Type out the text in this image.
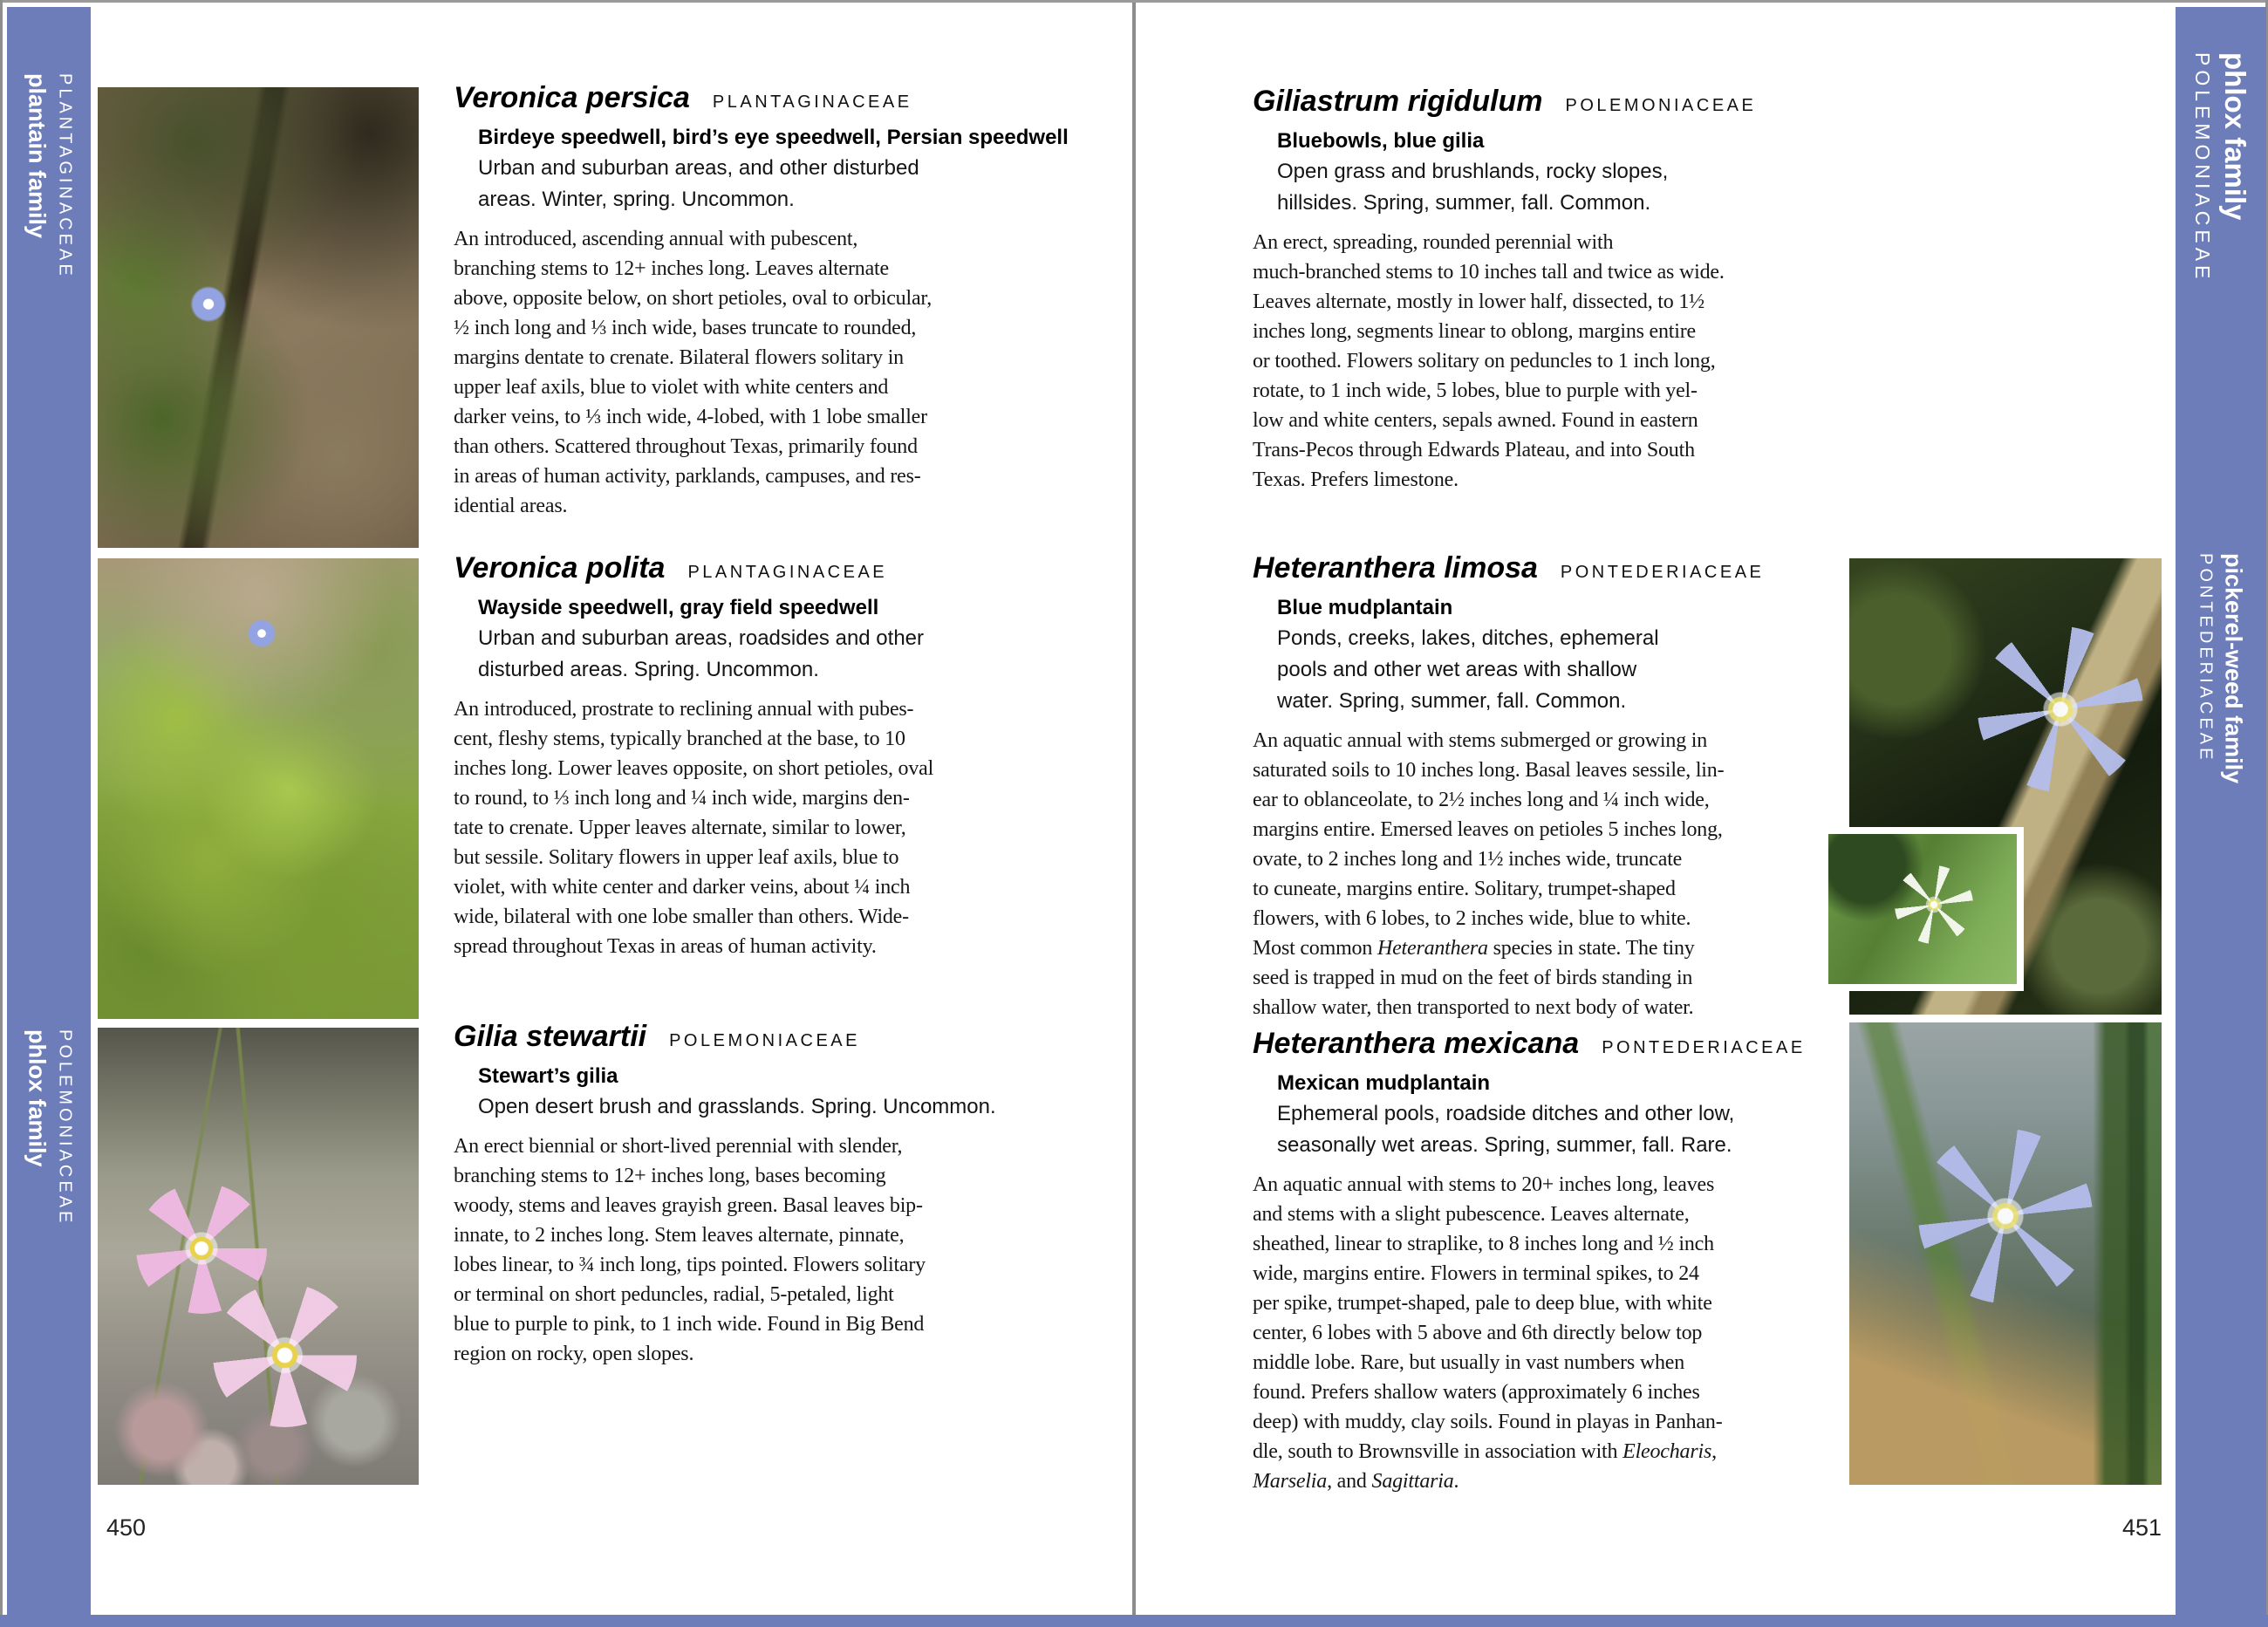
PLANTAGINACEAE
plantain family
POLEMONIACEAE
phlox family
phlox family
POLEMONIACEAE
pickerel-weed family
PONTEDERIACEAE
Veronica persica PLANTAGINACEAE
Birdeye speedwell, bird’s eye speedwell, Persian speedwell
Urban and suburban areas, and other disturbed
areas. Winter, spring. Uncommon.
An introduced, ascending annual with pubescent,
branching stems to 12+ inches long. Leaves alternate
above, opposite below, on short petioles, oval to orbicular,
½ inch long and ⅓ inch wide, bases truncate to rounded,
margins dentate to crenate. Bilateral flowers solitary in
upper leaf axils, blue to violet with white centers and
darker veins, to ⅓ inch wide, 4-lobed, with 1 lobe smaller
than others. Scattered throughout Texas, primarily found
in areas of human activity, parklands, campuses, and res-
idential areas.
Veronica polita PLANTAGINACEAE
Wayside speedwell, gray field speedwell
Urban and suburban areas, roadsides and other
disturbed areas. Spring. Uncommon.
An introduced, prostrate to reclining annual with pubes-
cent, fleshy stems, typically branched at the base, to 10
inches long. Lower leaves opposite, on short petioles, oval
to round, to ⅓ inch long and ¼ inch wide, margins den-
tate to crenate. Upper leaves alternate, similar to lower,
but sessile. Solitary flowers in upper leaf axils, blue to
violet, with white center and darker veins, about ¼ inch
wide, bilateral with one lobe smaller than others. Wide-
spread throughout Texas in areas of human activity.
Gilia stewartii POLEMONIACEAE
Stewart’s gilia
Open desert brush and grasslands. Spring. Uncommon.
An erect biennial or short-lived perennial with slender,
branching stems to 12+ inches long, bases becoming
woody, stems and leaves grayish green. Basal leaves bip-
innate, to 2 inches long. Stem leaves alternate, pinnate,
lobes linear, to ¾ inch long, tips pointed. Flowers solitary
or terminal on short peduncles, radial, 5-petaled, light
blue to purple to pink, to 1 inch wide. Found in Big Bend
region on rocky, open slopes.
Giliastrum rigidulum POLEMONIACEAE
Bluebowls, blue gilia
Open grass and brushlands, rocky slopes,
hillsides. Spring, summer, fall. Common.
An erect, spreading, rounded perennial with
much-branched stems to 10 inches tall and twice as wide.
Leaves alternate, mostly in lower half, dissected, to 1½
inches long, segments linear to oblong, margins entire
or toothed. Flowers solitary on peduncles to 1 inch long,
rotate, to 1 inch wide, 5 lobes, blue to purple with yel-
low and white centers, sepals awned. Found in eastern
Trans-Pecos through Edwards Plateau, and into South
Texas. Prefers limestone.
Heteranthera limosa PONTEDERIACEAE
Blue mudplantain
Ponds, creeks, lakes, ditches, ephemeral
pools and other wet areas with shallow
water. Spring, summer, fall. Common.
An aquatic annual with stems submerged or growing in
saturated soils to 10 inches long. Basal leaves sessile, lin-
ear to oblanceolate, to 2½ inches long and ¼ inch wide,
margins entire. Emersed leaves on petioles 5 inches long,
ovate, to 2 inches long and 1½ inches wide, truncate
to cuneate, margins entire. Solitary, trumpet-shaped
flowers, with 6 lobes, to 2 inches wide, blue to white.
Most common Heteranthera species in state. The tiny
seed is trapped in mud on the feet of birds standing in
shallow water, then transported to next body of water.
Heteranthera mexicana PONTEDERIACEAE
Mexican mudplantain
Ephemeral pools, roadside ditches and other low,
seasonally wet areas. Spring, summer, fall. Rare.
An aquatic annual with stems to 20+ inches long, leaves
and stems with a slight pubescence. Leaves alternate,
sheathed, linear to straplike, to 8 inches long and ½ inch
wide, margins entire. Flowers in terminal spikes, to 24
per spike, trumpet-shaped, pale to deep blue, with white
center, 6 lobes with 5 above and 6th directly below top
middle lobe. Rare, but usually in vast numbers when
found. Prefers shallow waters (approximately 6 inches
deep) with muddy, clay soils. Found in playas in Panhan-
dle, south to Brownsville in association with Eleocharis,
Marselia, and Sagittaria.
450	451
